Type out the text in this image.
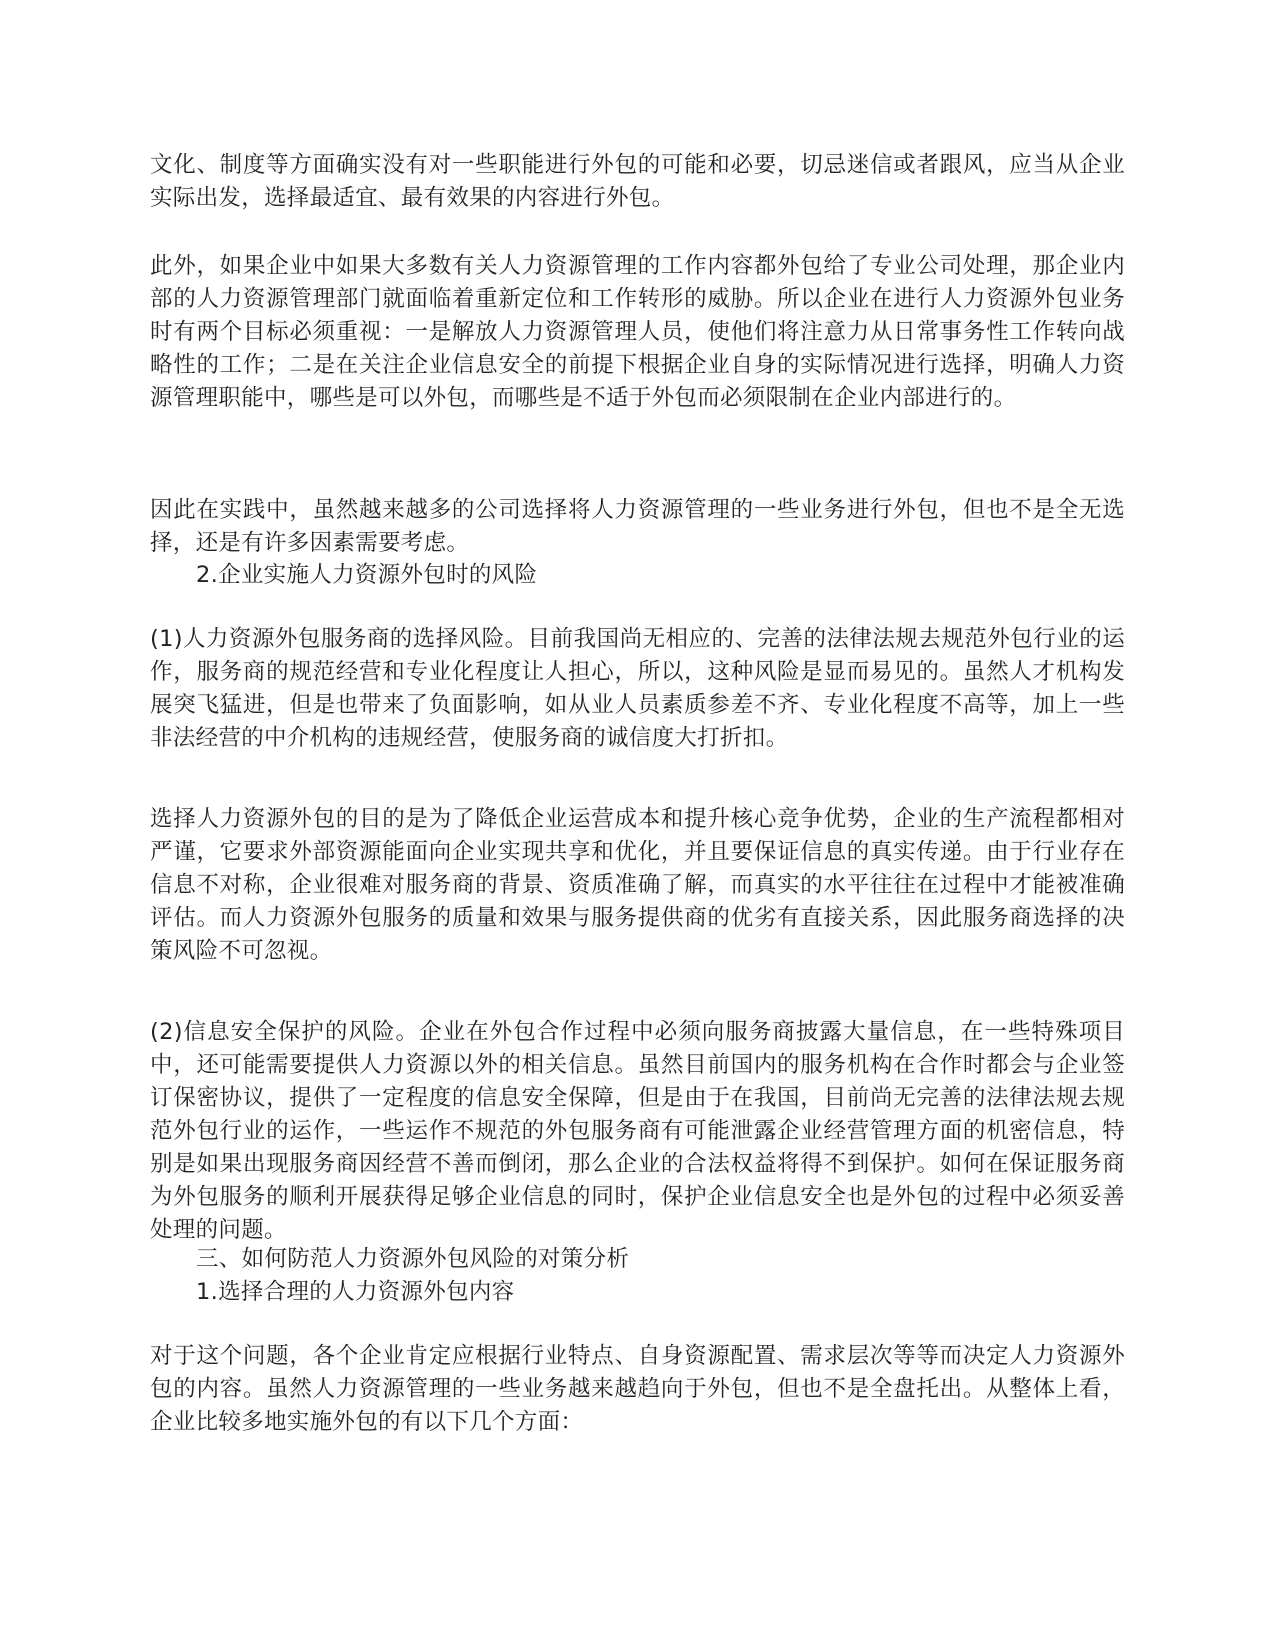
文化、制度等方面确实没有对一些职能进行外包的可能和必要，切忌迷信或者跟风，应当从企业实际出发，选择最适宜、最有效果的内容进行外包。

此外，如果企业中如果大多数有关人力资源管理的工作内容都外包给了专业公司处理，那企业内部的人力资源管理部门就面临着重新定位和工作转形的威胁。所以企业在进行人力资源外包业务时有两个目标必须重视：一是解放人力资源管理人员，使他们将注意力从日常事务性工作转向战略性的工作；二是在关注企业信息安全的前提下根据企业自身的实际情况进行选择，明确人力资源管理职能中，哪些是可以外包，而哪些是不适于外包而必须限制在企业内部进行的。

因此在实践中，虽然越来越多的公司选择将人力资源管理的一些业务进行外包，但也不是全无选择，还是有许多因素需要考虑。

2.企业实施人力资源外包时的风险

(1)人力资源外包服务商的选择风险。目前我国尚无相应的、完善的法律法规去规范外包行业的运作，服务商的规范经营和专业化程度让人担心，所以，这种风险是显而易见的。虽然人才机构发展突飞猛进，但是也带来了负面影响，如从业人员素质参差不齐、专业化程度不高等，加上一些非法经营的中介机构的违规经营，使服务商的诚信度大打折扣。

选择人力资源外包的目的是为了降低企业运营成本和提升核心竞争优势，企业的生产流程都相对严谨，它要求外部资源能面向企业实现共享和优化，并且要保证信息的真实传递。由于行业存在信息不对称，企业很难对服务商的背景、资质准确了解，而真实的水平往往在过程中才能被准确评估。而人力资源外包服务的质量和效果与服务提供商的优劣有直接关系，因此服务商选择的决策风险不可忽视。

(2)信息安全保护的风险。企业在外包合作过程中必须向服务商披露大量信息，在一些特殊项目中，还可能需要提供人力资源以外的相关信息。虽然目前国内的服务机构在合作时都会与企业签订保密协议，提供了一定程度的信息安全保障，但是由于在我国，目前尚无完善的法律法规去规范外包行业的运作，一些运作不规范的外包服务商有可能泄露企业经营管理方面的机密信息，特别是如果出现服务商因经营不善而倒闭，那么企业的合法权益将得不到保护。如何在保证服务商为外包服务的顺利开展获得足够企业信息的同时，保护企业信息安全也是外包的过程中必须妥善处理的问题。

三、如何防范人力资源外包风险的对策分析

1.选择合理的人力资源外包内容

对于这个问题，各个企业肯定应根据行业特点、自身资源配置、需求层次等等而决定人力资源外包的内容。虽然人力资源管理的一些业务越来越趋向于外包，但也不是全盘托出。从整体上看，企业比较多地实施外包的有以下几个方面：
